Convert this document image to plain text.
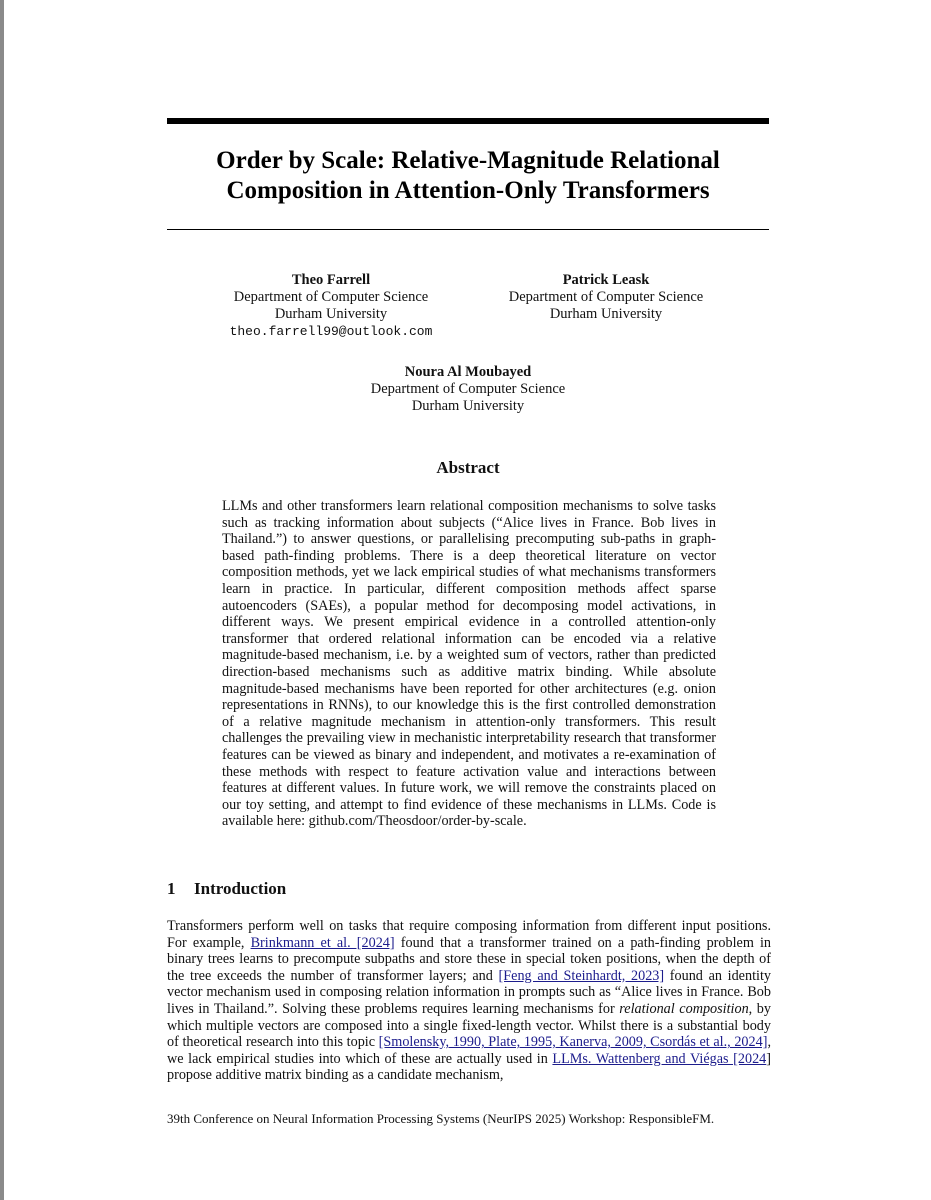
Order by Scale: Relative-Magnitude Relational
Composition in Attention-Only Transformers
Theo Farrell
Department of Computer Science
Durham University
theo.farrell99@outlook.com
Patrick Leask
Department of Computer Science
Durham University
Noura Al Moubayed
Department of Computer Science
Durham University
Abstract
LLMs and other transformers learn relational composition mechanisms to solve tasks such as tracking information about subjects (“Alice lives in France. Bob lives in Thailand.”) to answer questions, or parallelising precomputing sub-paths in graph-based path-finding problems. There is a deep theoretical literature on vector composition methods, yet we lack empirical studies of what mechanisms transformers learn in practice. In particular, different composition methods affect sparse autoencoders (SAEs), a popular method for decomposing model activations, in different ways. We present empirical evidence in a controlled attention-only transformer that ordered relational information can be encoded via a relative magnitude-based mechanism, i.e. by a weighted sum of vectors, rather than predicted direction-based mechanisms such as additive matrix binding. While absolute magnitude-based mechanisms have been reported for other architectures (e.g. onion representations in RNNs), to our knowledge this is the first controlled demonstration of a relative magnitude mechanism in attention-only transformers. This result challenges the prevailing view in mechanistic interpretability research that transformer features can be viewed as binary and independent, and motivates a re-examination of these methods with respect to feature activation value and interactions between features at different values. In future work, we will remove the constraints placed on our toy setting, and attempt to find evidence of these mechanisms in LLMs. Code is available here: github.com/Theosdoor/order-by-scale.
1 Introduction
Transformers perform well on tasks that require composing information from different input positions. For example, Brinkmann et al. [2024] found that a transformer trained on a path-finding problem in binary trees learns to precompute subpaths and store these in special token positions, when the depth of the tree exceeds the number of transformer layers; and [Feng and Steinhardt, 2023] found an identity vector mechanism used in composing relation information in prompts such as “Alice lives in France. Bob lives in Thailand.”. Solving these problems requires learning mechanisms for relational composition, by which multiple vectors are composed into a single fixed-length vector. Whilst there is a substantial body of theoretical research into this topic [Smolensky, 1990, Plate, 1995, Kanerva, 2009, Csordás et al., 2024], we lack empirical studies into which of these are actually used in LLMs. Wattenberg and Viégas [2024] propose additive matrix binding as a candidate mechanism,
39th Conference on Neural Information Processing Systems (NeurIPS 2025) Workshop: ResponsibleFM.
